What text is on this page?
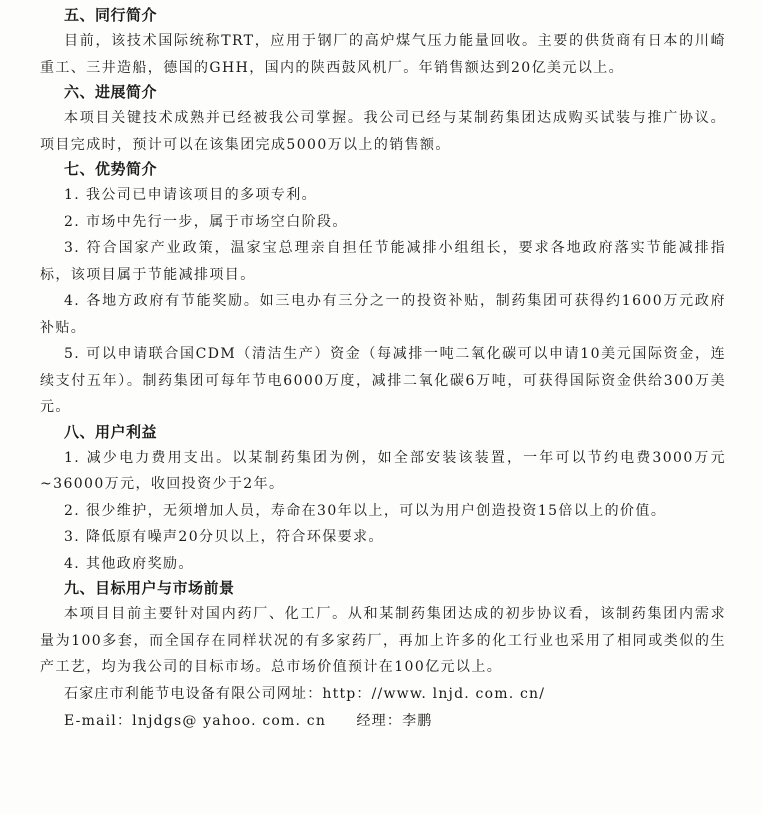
五、同行简介

目前，该技术国际统称TRT，应用于钢厂的高炉煤气压力能量回收。主要的供货商有日本的川崎重工、三井造船，德国的GHH，国内的陕西鼓风机厂。年销售额达到20亿美元以上。

六、进展简介

本项目关键技术成熟并已经被我公司掌握。我公司已经与某制药集团达成购买试装与推广协议。项目完成时，预计可以在该集团完成5000万以上的销售额。

七、优势简介

1. 我公司已申请该项目的多项专利。

2. 市场中先行一步，属于市场空白阶段。

3. 符合国家产业政策，温家宝总理亲自担任节能减排小组组长，要求各地政府落实节能减排指标，该项目属于节能减排项目。

4. 各地方政府有节能奖励。如三电办有三分之一的投资补贴，制药集团可获得约1600万元政府补贴。

5. 可以申请联合国CDM（清洁生产）资金（每减排一吨二氧化碳可以申请10美元国际资金，连续支付五年）。制药集团可每年节电6000万度，减排二氧化碳6万吨，可获得国际资金供给300万美元。

八、用户利益

1. 减少电力费用支出。以某制药集团为例，如全部安装该装置，一年可以节约电费3000万元~36000万元，收回投资少于2年。

2. 很少维护，无须增加人员，寿命在30年以上，可以为用户创造投资15倍以上的价值。

3. 降低原有噪声20分贝以上，符合环保要求。

4. 其他政府奖励。

九、目标用户与市场前景

本项目目前主要针对国内药厂、化工厂。从和某制药集团达成的初步协议看，该制药集团内需求量为100多套，而全国存在同样状况的有多家药厂，再加上许多的化工行业也采用了相同或类似的生产工艺，均为我公司的目标市场。总市场价值预计在100亿元以上。

石家庄市利能节电设备有限公司网址：http：//www. lnjd. com. cn/

E-mail：lnjdgs@ yahoo. com. cn　　经理：李鹏
